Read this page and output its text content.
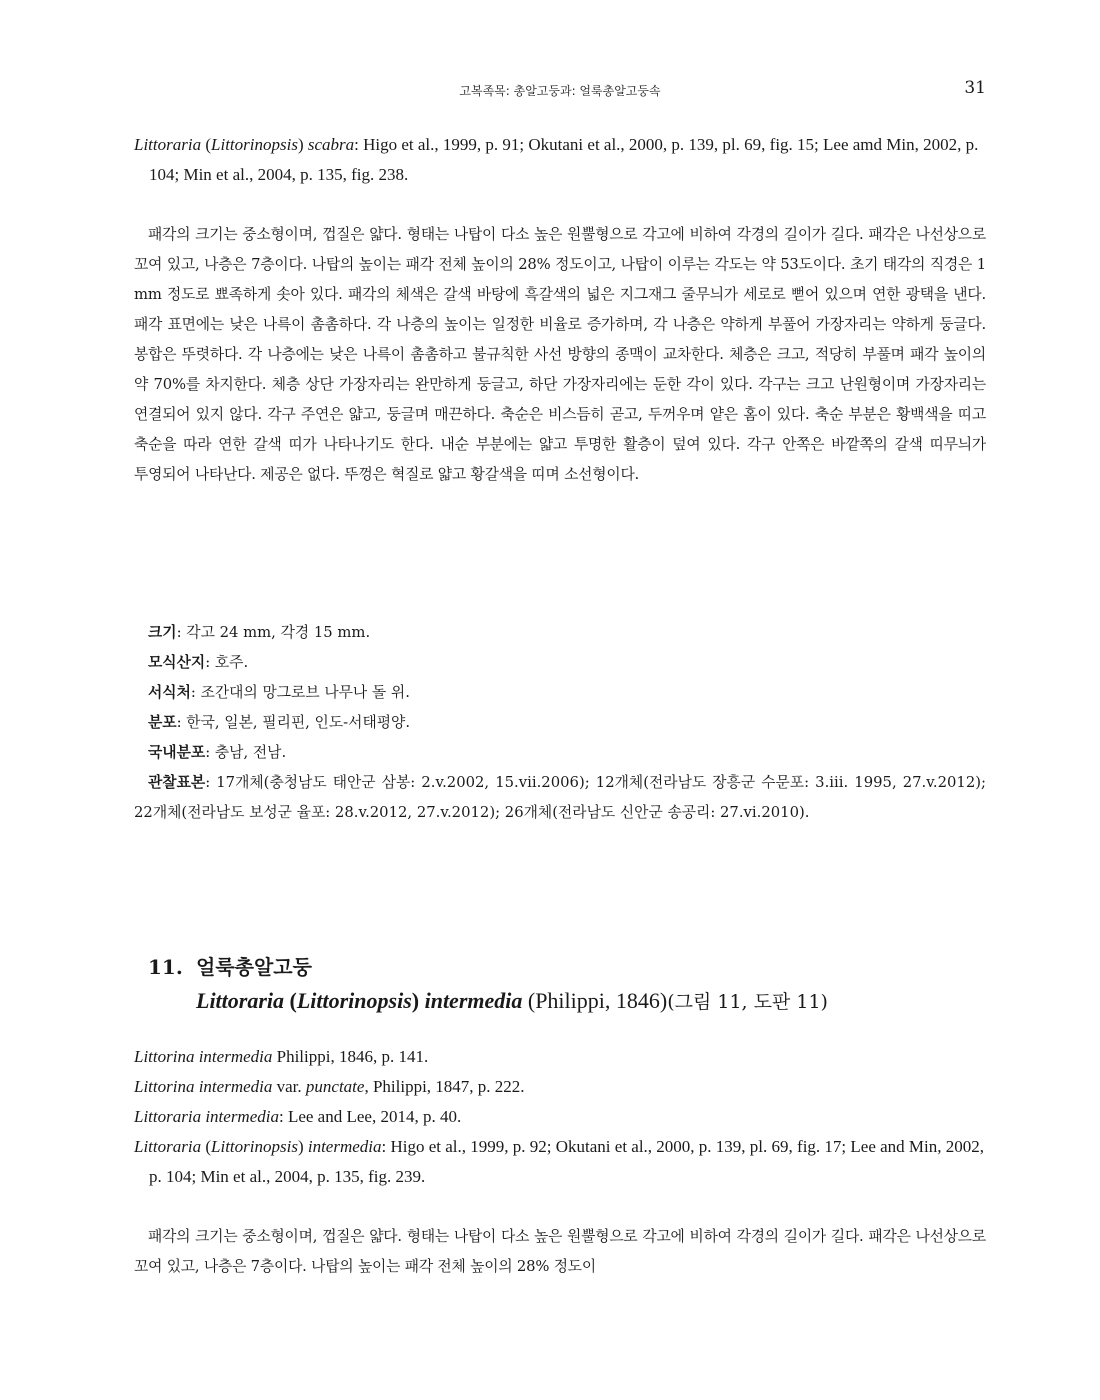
고복족목: 총알고둥과: 얼룩총알고둥속	31

Littoraria (Littorinopsis) scabra: Higo et al., 1999, p. 91; Okutani et al., 2000, p. 139, pl. 69, fig. 15; Lee amd Min, 2002, p. 104; Min et al., 2004, p. 135, fig. 238.

패각의 크기는 중소형이며, 껍질은 얇다. 형태는 나탑이 다소 높은 원뿔형으로 각고에 비하여 각경의 길이가 길다. 패각은 나선상으로 꼬여 있고, 나층은 7층이다. 나탑의 높이는 패각 전체 높이의 28% 정도이고, 나탑이 이루는 각도는 약 53도이다. 초기 태각의 직경은 1 mm 정도로 뾰족하게 솟아 있다. 패각의 체색은 갈색 바탕에 흑갈색의 넓은 지그재그 줄무늬가 세로로 뻗어 있으며 연한 광택을 낸다. 패각 표면에는 낮은 나륵이 촘촘하다. 각 나층의 높이는 일정한 비율로 증가하며, 각 나층은 약하게 부풀어 가장자리는 약하게 둥글다. 봉합은 뚜렷하다. 각 나층에는 낮은 나륵이 촘촘하고 불규칙한 사선 방향의 종맥이 교차한다. 체층은 크고, 적당히 부풀며 패각 높이의 약 70%를 차지한다. 체층 상단 가장자리는 완만하게 둥글고, 하단 가장자리에는 둔한 각이 있다. 각구는 크고 난원형이며 가장자리는 연결되어 있지 않다. 각구 주연은 얇고, 둥글며 매끈하다. 축순은 비스듬히 곧고, 두꺼우며 얕은 홈이 있다. 축순 부분은 황백색을 띠고 축순을 따라 연한 갈색 띠가 나타나기도 한다. 내순 부분에는 얇고 투명한 활층이 덮여 있다. 각구 안쪽은 바깥쪽의 갈색 띠무늬가 투영되어 나타난다. 제공은 없다. 뚜껑은 혁질로 얇고 황갈색을 띠며 소선형이다.

크기: 각고 24 mm, 각경 15 mm.

모식산지: 호주.

서식처: 조간대의 망그로브 나무나 돌 위.

분포: 한국, 일본, 필리핀, 인도-서태평양.

국내분포: 충남, 전남.

관찰표본: 17개체(충청남도 태안군 삼봉: 2.v.2002, 15.vii.2006); 12개체(전라남도 장흥군 수문포: 3.iii. 1995, 27.v.2012); 22개체(전라남도 보성군 율포: 28.v.2012, 27.v.2012); 26개체(전라남도 신안군 송공리: 27.vi.2010).

11. 얼룩총알고둥
Littoraria (Littorinopsis) intermedia (Philippi, 1846)(그림 11, 도판 11)

Littorina intermedia Philippi, 1846, p. 141.

Littorina intermedia var. punctate, Philippi, 1847, p. 222.

Littoraria intermedia: Lee and Lee, 2014, p. 40.

Littoraria (Littorinopsis) intermedia: Higo et al., 1999, p. 92; Okutani et al., 2000, p. 139, pl. 69, fig. 17; Lee and Min, 2002, p. 104; Min et al., 2004, p. 135, fig. 239.

패각의 크기는 중소형이며, 껍질은 얇다. 형태는 나탑이 다소 높은 원뿔형으로 각고에 비하여 각경의 길이가 길다. 패각은 나선상으로 꼬여 있고, 나층은 7층이다. 나탑의 높이는 패각 전체 높이의 28% 정도이
